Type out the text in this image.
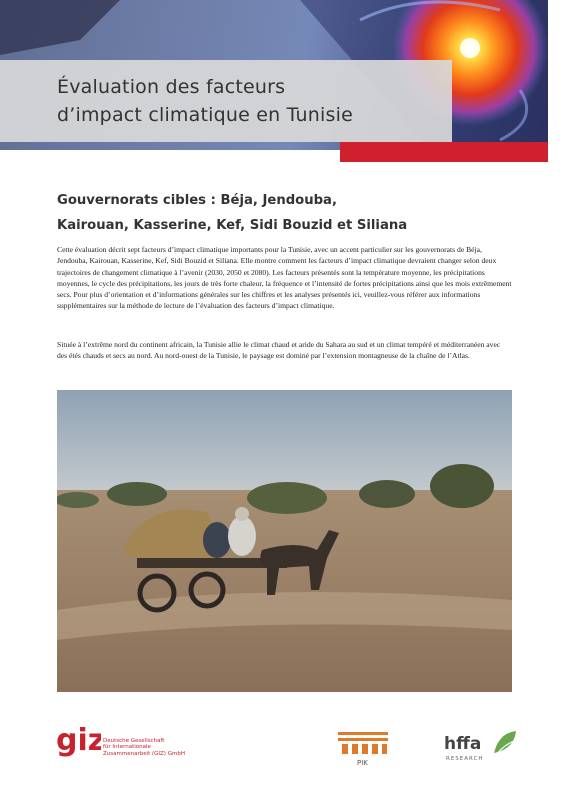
Évaluation des facteurs
d’impact climatique en Tunisie
Gouvernorats cibles : Béja, Jendouba,
Kairouan, Kasserine, Kef, Sidi Bouzid et Siliana

Cette évaluation décrit sept facteurs d’impact climatique importants pour la Tunisie, avec un accent particulier sur les gouvernorats de Béja, Jendouba, Kairouan, Kasserine, Kef, Sidi Bouzid et Siliana. Elle montre comment les facteurs d’impact climatique devraient changer selon deux trajectoires de changement climatique à l’avenir (2030, 2050 et 2080). Les facteurs présentés sont la température moyenne, les précipitations moyennes, le cycle des précipitations, les jours de très forte chaleur, la fréquence et l’intensité de fortes précipitations ainsi que les mois extrêmement secs. Pour plus d’orientation et d’informations générales sur les chiffres et les analyses présentés ici, veuillez-vous référer aux informations supplémentaires sur la méthode de lecture de l’évaluation des facteurs d’impact climatique.

Située à l’extrême nord du continent africain, la Tunisie allie le climat chaud et aride du Sahara au sud et un climat tempéré et méditerranéen avec des étés chauds et secs au nord. Au nord-ouest de la Tunisie, le paysage est dominé par l’extension montagneuse de la chaîne de l’Atlas.

giz
Deutsche Gesellschaft
für Internationale
Zusammenarbeit (GIZ) GmbH
PIK
hffa
RESEARCH
